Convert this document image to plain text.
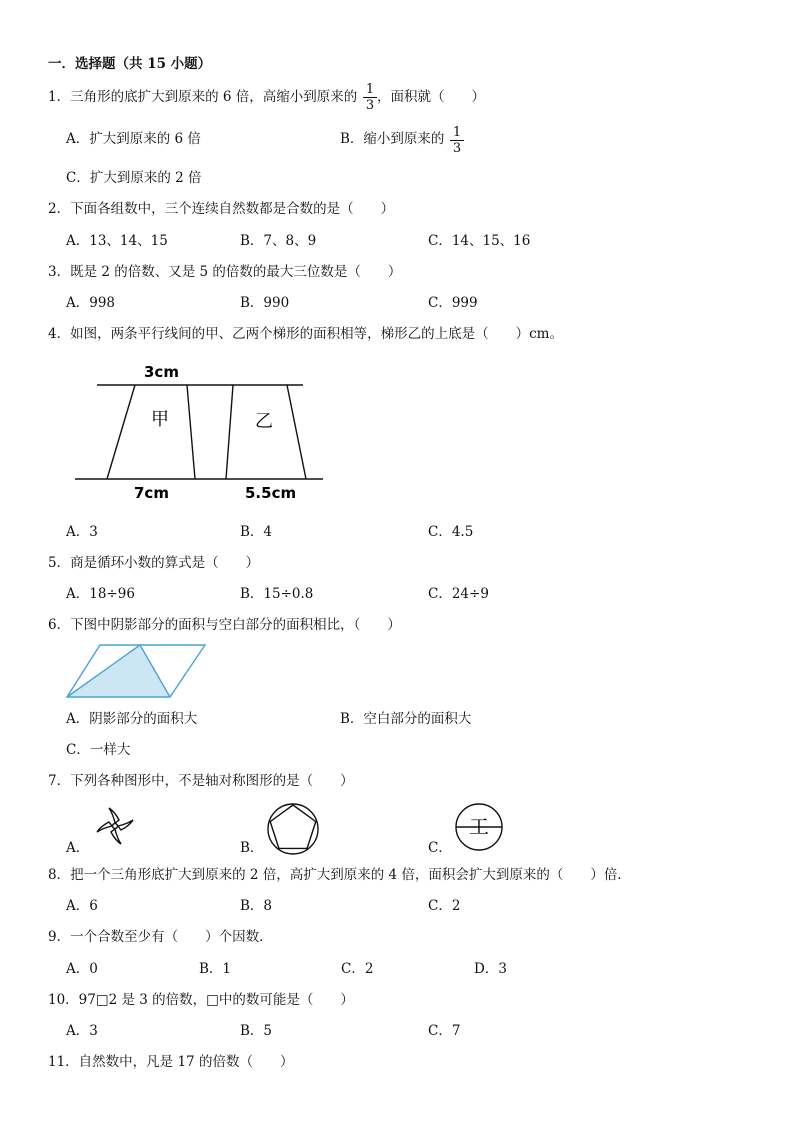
一．选择题（共 15 小题）
1．三角形的底扩大到原来的 6 倍，高缩小到原来的 1
3
，面积就（　　）
A．扩大到原来的 6 倍	B．缩小到原来的 1
3
C．扩大到原来的 2 倍
2．下面各组数中，三个连续自然数都是合数的是（　　）
A．13、14、15	B．7、8、9	C．14、15、16
3．既是 2 的倍数、又是 5 的倍数的最大三位数是（　　）
A．998	B．990	C．999
4．如图，两条平行线间的甲、乙两个梯形的面积相等，梯形乙的上底是（　　）cm。
3cm
甲	乙
7cm	5.5cm
A．3	B．4	C．4.5
5．商是循环小数的算式是（　　）
A．18÷96	B．15÷0.8	C．24÷9
6．下图中阴影部分的面积与空白部分的面积相比，（　　）
A．阴影部分的面积大	B．空白部分的面积大
C．一样大
7．下列各种图形中，不是轴对称图形的是（　　）
A．	B．	C．
工
8．把一个三角形底扩大到原来的 2 倍，高扩大到原来的 4 倍，面积会扩大到原来的（　　）倍．
A．6	B．8	C．2
9．一个合数至少有（　　）个因数．
A．0	B．1	C．2	D．3
10．97□2 是 3 的倍数，□中的数可能是（　　）
A．3	B．5	C．7
11．自然数中，凡是 17 的倍数（　　）
